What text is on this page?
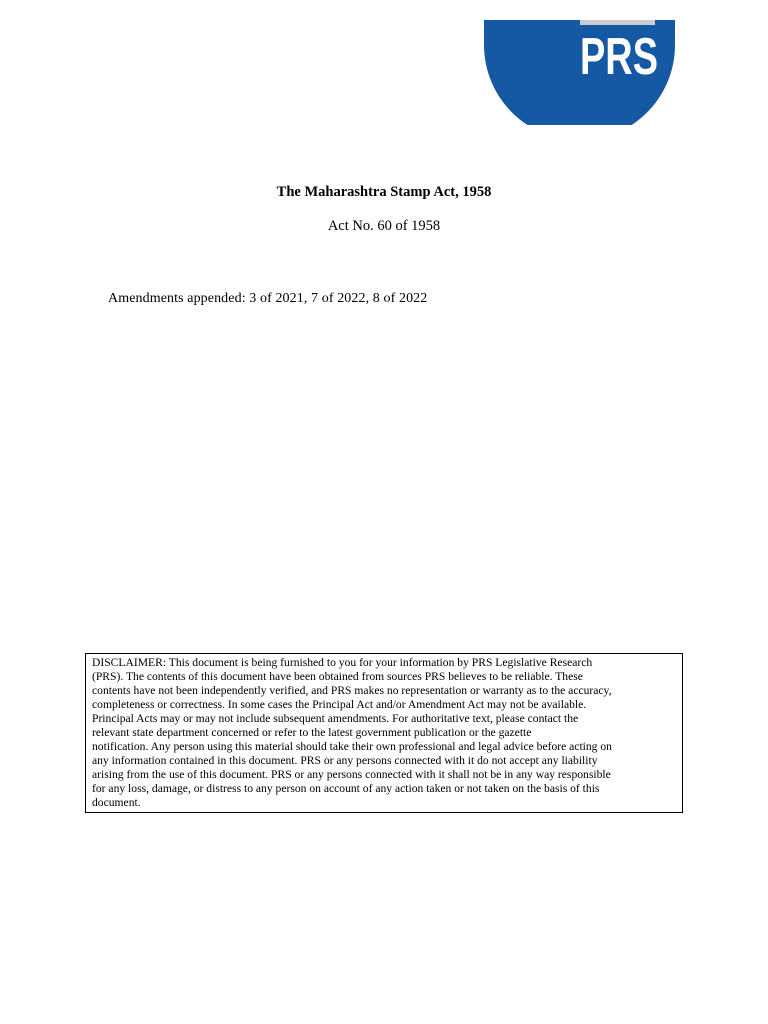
PRS
The Maharashtra Stamp Act, 1958
Act No. 60 of 1958
Amendments appended: 3 of 2021, 7 of 2022, 8 of 2022

DISCLAIMER: This document is being furnished to you for your information by PRS Legislative Research

(PRS). The contents of this document have been obtained from sources PRS believes to be reliable. These

contents have not been independently verified, and PRS makes no representation or warranty as to the accuracy,

completeness or correctness. In some cases the Principal Act and/or Amendment Act may not be available.

Principal Acts may or may not include subsequent amendments. For authoritative text, please contact the

relevant state department concerned or refer to the latest government publication or the gazette

notification. Any person using this material should take their own professional and legal advice before acting on

any information contained in this document. PRS or any persons connected with it do not accept any liability

arising from the use of this document. PRS or any persons connected with it shall not be in any way responsible

for any loss, damage, or distress to any person on account of any action taken or not taken on the basis of this

document.
